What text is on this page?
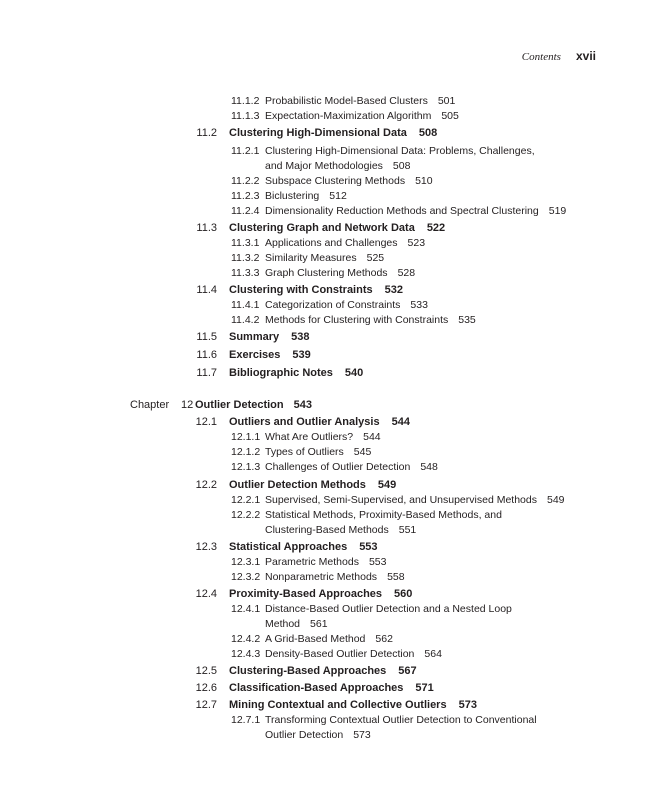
Contents xvii
11.1.2 Probabilistic Model-Based Clusters 501
11.1.3 Expectation-Maximization Algorithm 505
11.2 Clustering High-Dimensional Data 508
11.2.1 Clustering High-Dimensional Data: Problems, Challenges,
and Major Methodologies 508
11.2.2 Subspace Clustering Methods 510
11.2.3 Biclustering 512
11.2.4 Dimensionality Reduction Methods and Spectral Clustering 519
11.3 Clustering Graph and Network Data 522
11.3.1 Applications and Challenges 523
11.3.2 Similarity Measures 525
11.3.3 Graph Clustering Methods 528
11.4 Clustering with Constraints 532
11.4.1 Categorization of Constraints 533
11.4.2 Methods for Clustering with Constraints 535
11.5 Summary 538
11.6 Exercises 539
11.7 Bibliographic Notes 540
Chapter 12 Outlier Detection 543
12.1 Outliers and Outlier Analysis 544
12.1.1 What Are Outliers? 544
12.1.2 Types of Outliers 545
12.1.3 Challenges of Outlier Detection 548
12.2 Outlier Detection Methods 549
12.2.1 Supervised, Semi-Supervised, and Unsupervised Methods 549
12.2.2 Statistical Methods, Proximity-Based Methods, and
Clustering-Based Methods 551
12.3 Statistical Approaches 553
12.3.1 Parametric Methods 553
12.3.2 Nonparametric Methods 558
12.4 Proximity-Based Approaches 560
12.4.1 Distance-Based Outlier Detection and a Nested Loop
Method 561
12.4.2 A Grid-Based Method 562
12.4.3 Density-Based Outlier Detection 564
12.5 Clustering-Based Approaches 567
12.6 Classification-Based Approaches 571
12.7 Mining Contextual and Collective Outliers 573
12.7.1 Transforming Contextual Outlier Detection to Conventional
Outlier Detection 573
